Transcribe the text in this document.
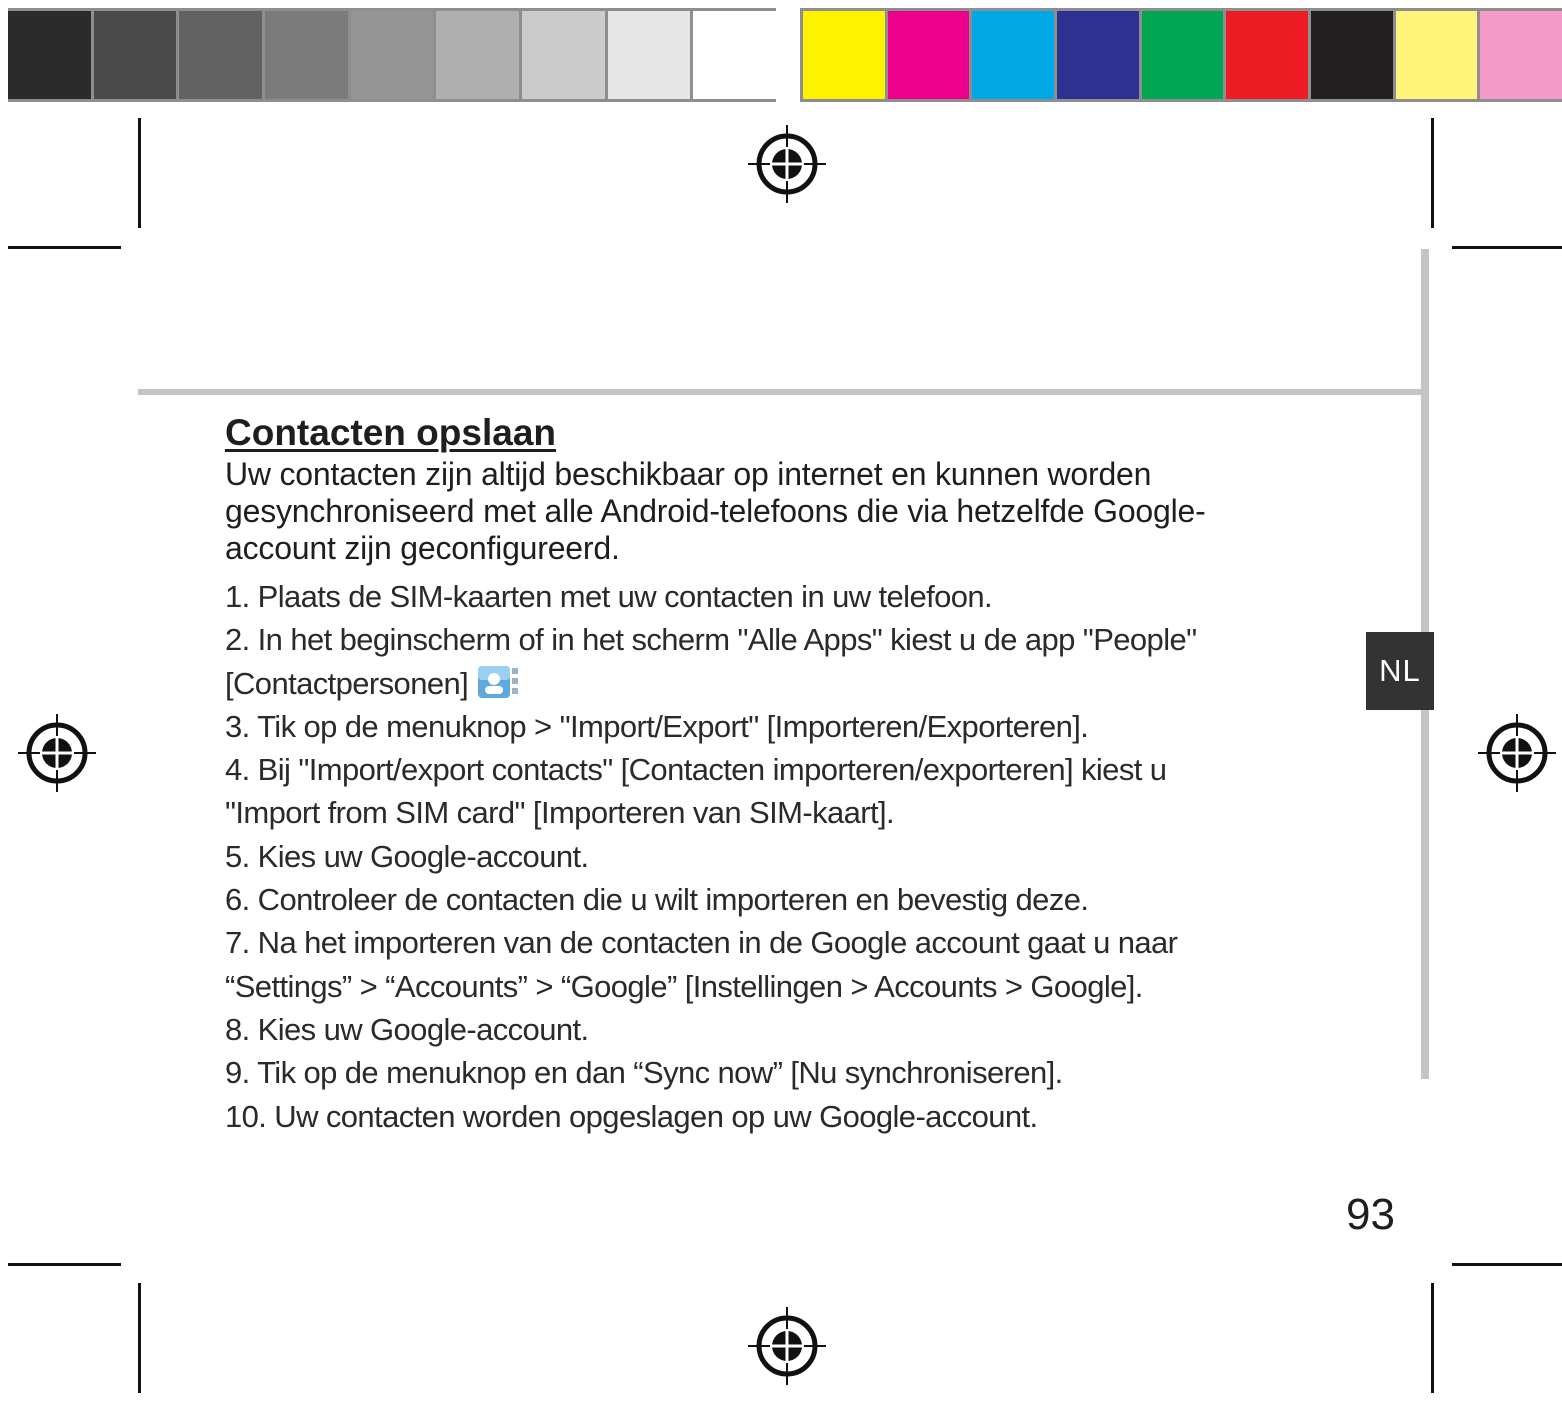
NL
Contacten opslaan

Uw contacten zijn altijd beschikbaar op internet en kunnen worden
gesynchroniseerd met alle Android-telefoons die via hetzelfde Google-
account zijn geconfigureerd.

1. Plaats de SIM-kaarten met uw contacten in uw telefoon.
2. In het beginscherm of in het scherm "Alle Apps" kiest u de app "People"
[Contactpersonen]
3. Tik op de menuknop > "Import/Export" [Importeren/Exporteren].
4. Bij "Import/export contacts" [Contacten importeren/exporteren] kiest u
"Import from SIM card" [Importeren van SIM-kaart].
5. Kies uw Google-account.
6. Controleer de contacten die u wilt importeren en bevestig deze.
7. Na het importeren van de contacten in de Google account gaat u naar
“Settings” > “Accounts” > “Google” [Instellingen > Accounts > Google].
8. Kies uw Google-account.
9. Tik op de menuknop en dan “Sync now” [Nu synchroniseren].
10. Uw contacten worden opgeslagen op uw Google-account.
93
